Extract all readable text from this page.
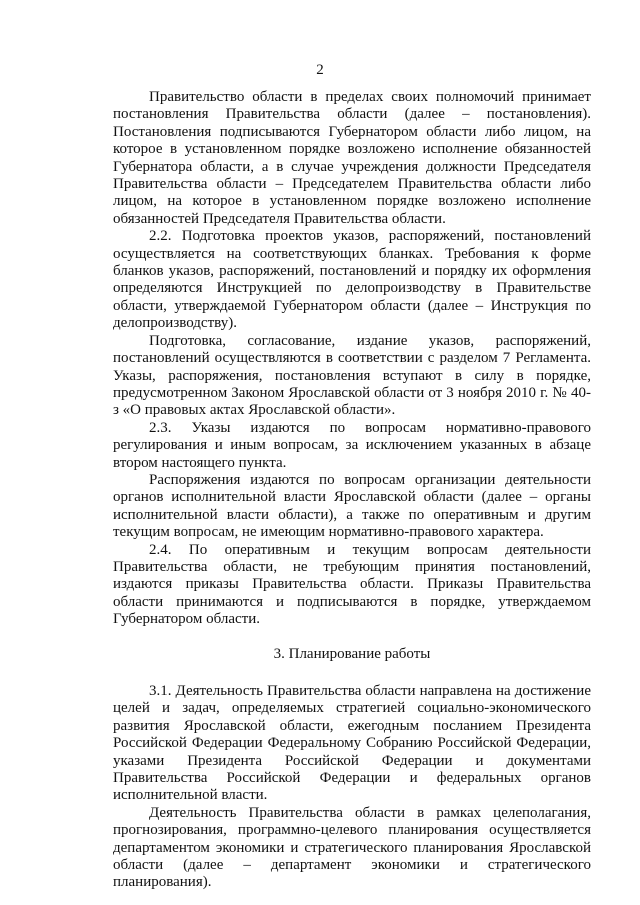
2

Правительство области в пределах своих полномочий принимает постановления Правительства области (далее – постановления). Постановления подписываются Губернатором области либо лицом, на которое в установленном порядке возложено исполнение обязанностей Губернатора области, а в случае учреждения должности Председателя Правительства области – Председателем Правительства области либо лицом, на которое в установленном порядке возложено исполнение обязанностей Председателя Правительства области.

2.2. Подготовка проектов указов, распоряжений, постановлений осуществляется на соответствующих бланках. Требования к форме бланков указов, распоряжений, постановлений и порядку их оформления определяются Инструкцией по делопроизводству в Правительстве области, утверждаемой Губернатором области (далее – Инструкция по делопроизводству).

Подготовка, согласование, издание указов, распоряжений, постановлений осуществляются в соответствии с разделом 7 Регламента. Указы, распоряжения, постановления вступают в силу в порядке, предусмотренном Законом Ярославской области от 3 ноября 2010 г. № 40-з «О правовых актах Ярославской области».

2.3. Указы издаются по вопросам нормативно-правового регулирования и иным вопросам, за исключением указанных в абзаце втором настоящего пункта.

Распоряжения издаются по вопросам организации деятельности органов исполнительной власти Ярославской области (далее – органы исполнительной власти области), а также по оперативным и другим текущим вопросам, не имеющим нормативно-правового характера.

2.4. По оперативным и текущим вопросам деятельности Правительства области, не требующим принятия постановлений, издаются приказы Правительства области. Приказы Правительства области принимаются и подписываются в порядке, утверждаемом Губернатором области.

3. Планирование работы

3.1. Деятельность Правительства области направлена на достижение целей и задач, определяемых стратегией социально-экономического развития Ярославской области, ежегодным посланием Президента Российской Федерации Федеральному Собранию Российской Федерации, указами Президента Российской Федерации и документами Правительства Российской Федерации и федеральных органов исполнительной власти.

Деятельность Правительства области в рамках целеполагания, прогнозирования, программно-целевого планирования осуществляется департаментом экономики и стратегического планирования Ярославской области (далее – департамент экономики и стратегического планирования).
